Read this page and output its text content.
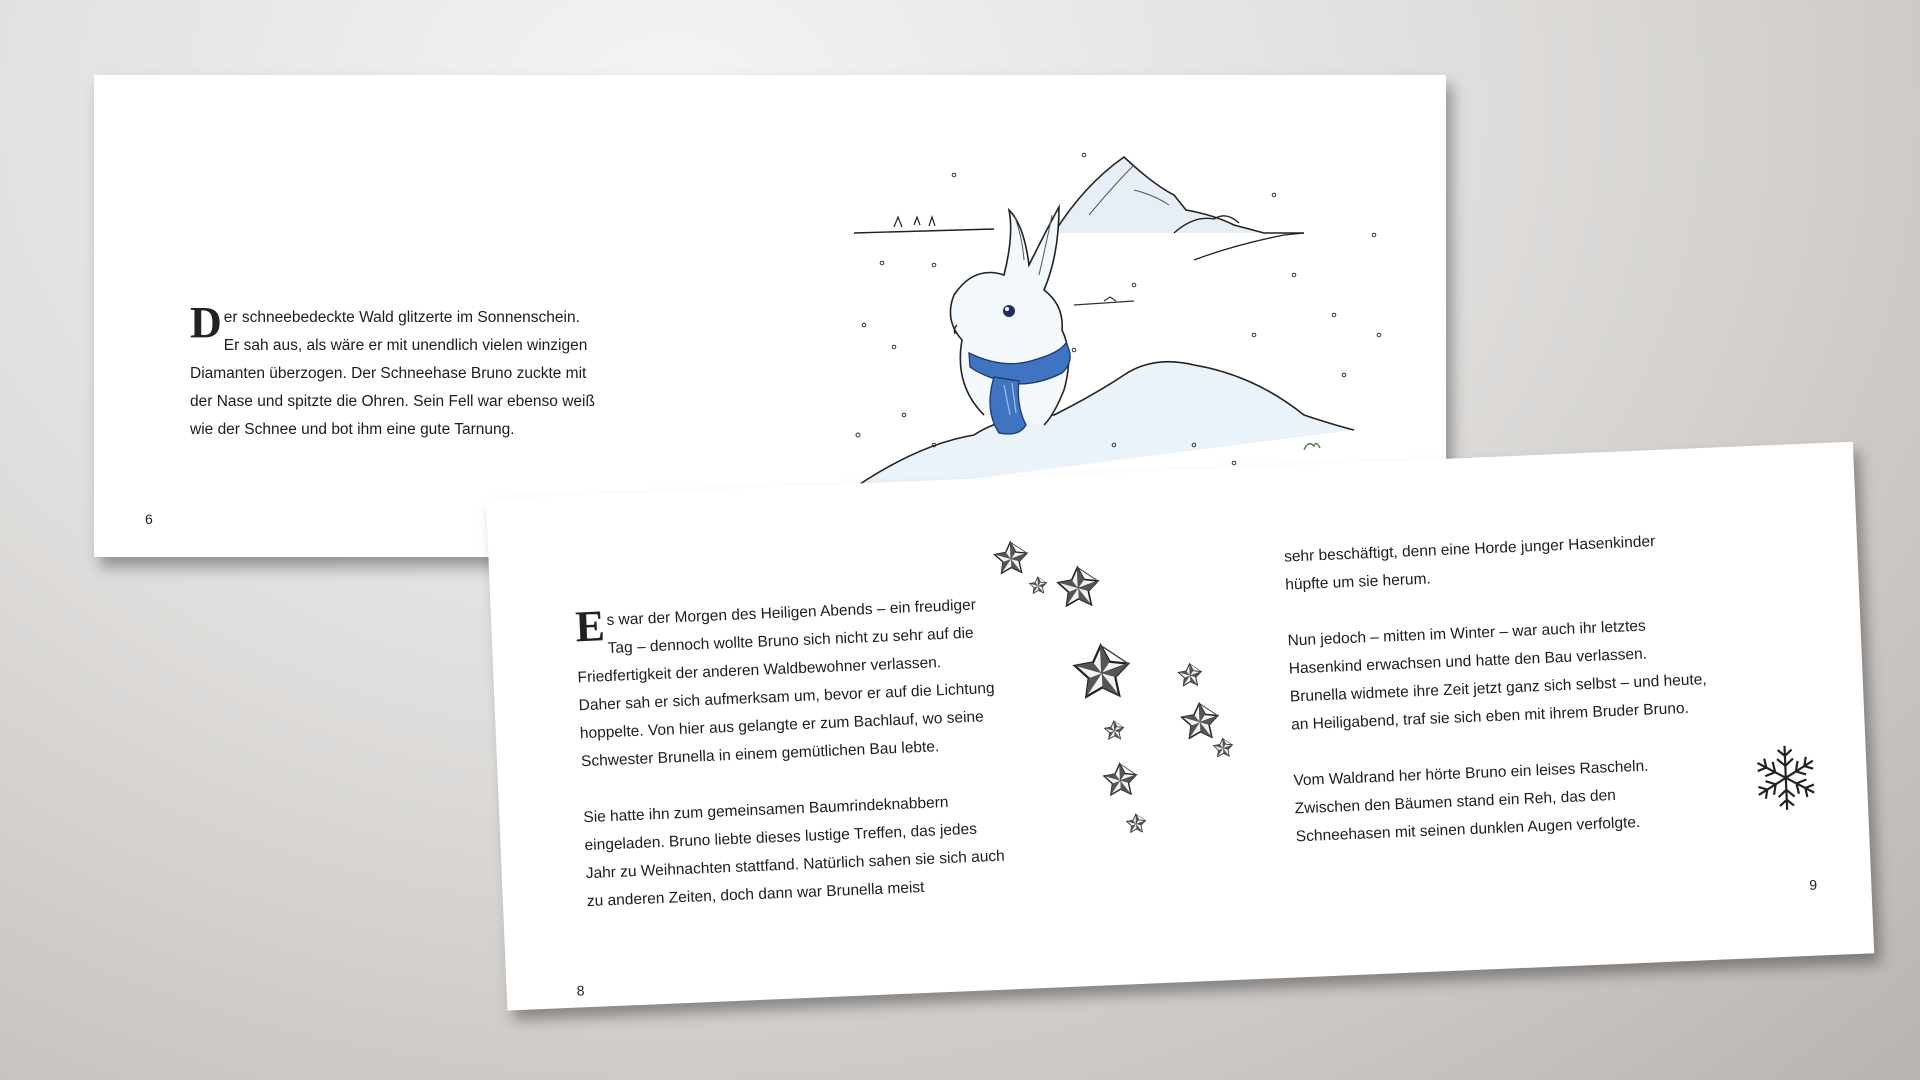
D er schneebedeckte Wald glitzerte im Sonnenschein.
Er sah aus, als wäre er mit unendlich vielen winzigen
Diamanten überzogen. Der Schneehase Bruno zuckte mit
der Nase und spitzte die Ohren. Sein Fell war ebenso weiß
wie der Schnee und bot ihm eine gute Tarnung.
6
E s war der Morgen des Heiligen Abends – ein freudiger
Tag – dennoch wollte Bruno sich nicht zu sehr auf die
Friedfertigkeit der anderen Waldbewohner verlassen.
Daher sah er sich aufmerksam um, bevor er auf die Lichtung
hoppelte. Von hier aus gelangte er zum Bachlauf, wo seine
Schwester Brunella in einem gemütlichen Bau lebte.
Sie hatte ihn zum gemeinsamen Baumrindeknabbern
eingeladen. Bruno liebte dieses lustige Treffen, das jedes
Jahr zu Weihnachten stattfand. Natürlich sahen sie sich auch
zu anderen Zeiten, doch dann war Brunella meist
8
sehr beschäftigt, denn eine Horde junger Hasenkinder
hüpfte um sie herum.
Nun jedoch – mitten im Winter – war auch ihr letztes
Hasenkind erwachsen und hatte den Bau verlassen.
Brunella widmete ihre Zeit jetzt ganz sich selbst – und heute,
an Heiligabend, traf sie sich eben mit ihrem Bruder Bruno.
Vom Waldrand her hörte Bruno ein leises Rascheln.
Zwischen den Bäumen stand ein Reh, das den
Schneehasen mit seinen dunklen Augen verfolgte.
9
